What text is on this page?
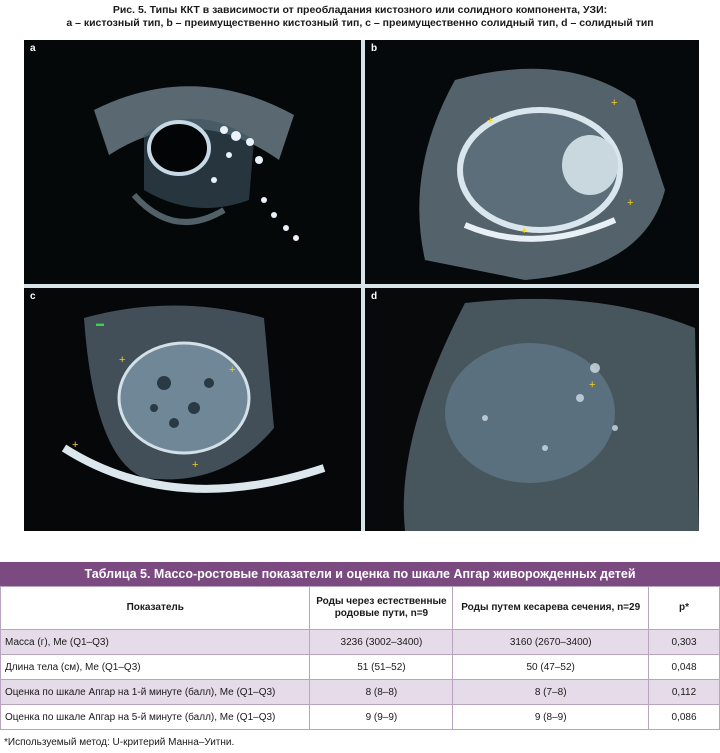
Рис. 5. Типы ККТ в зависимости от преобладания кистозного или солидного компонента, УЗИ:
a – кистозный тип, b – преимущественно кистозный тип, c – преимущественно солидный тип, d – солидный тип
a
+
+
+
+
b
▬
+
+
+
+
c
+
d
Таблица 5. Массо-ростовые показатели и оценка по шкале Апгар живорожденных детей
Показатель	Роды через естественные родовые пути, n=9	Роды путем кесарева сечения, n=29	p*
Масса (г), Me (Q1–Q3)	3236 (3002–3400)	3160 (2670–3400)	0,303
Длина тела (см), Me (Q1–Q3)	51 (51–52)	50 (47–52)	0,048
Оценка по шкале Апгар на 1-й минуте (балл), Me (Q1–Q3)	8 (8–8)	8 (7–8)	0,112
Оценка по шкале Апгар на 5-й минуте (балл), Me (Q1–Q3)	9 (9–9)	9 (8–9)	0,086
*Используемый метод: U-критерий Манна–Уитни.
